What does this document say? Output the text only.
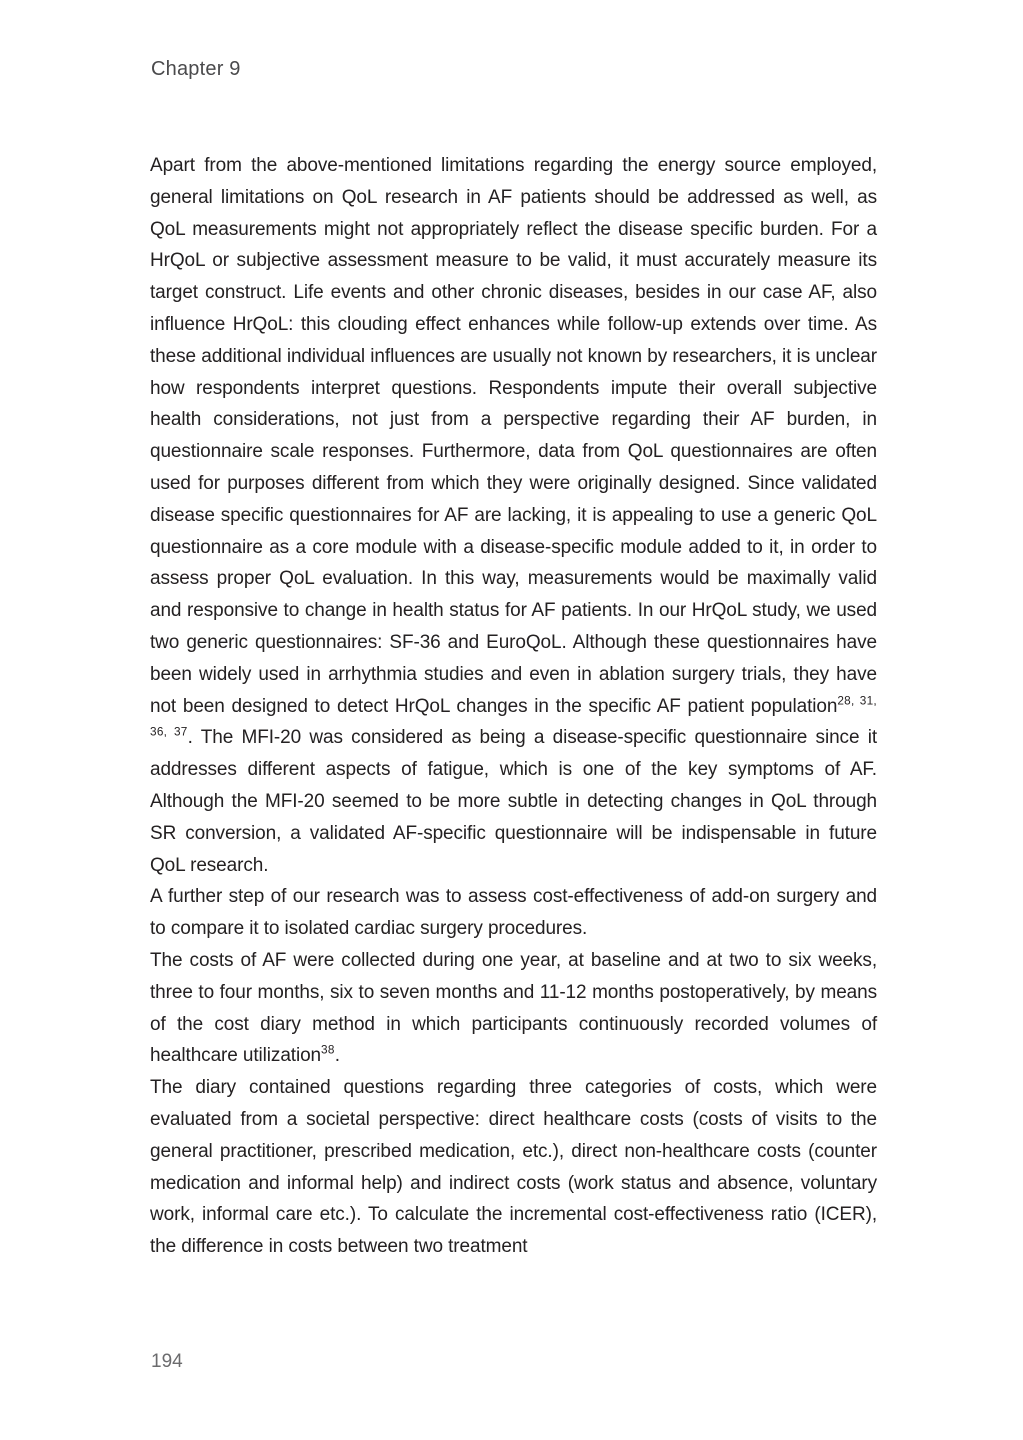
Chapter 9

Apart from the above-mentioned limitations regarding the energy source employed, general limitations on QoL research in AF patients should be addressed as well, as QoL measurements might not appropriately reflect the disease specific burden. For a HrQoL or subjective assessment measure to be valid, it must accurately measure its target construct. Life events and other chronic diseases, besides in our case AF, also influence HrQoL: this clouding effect enhances while follow-up extends over time. As these additional individual influences are usually not known by researchers, it is unclear how respondents interpret questions. Respondents impute their overall subjective health considerations, not just from a perspective regarding their AF burden, in questionnaire scale responses. Furthermore, data from QoL questionnaires are often used for purposes different from which they were originally designed. Since validated disease specific questionnaires for AF are lacking, it is appealing to use a generic QoL questionnaire as a core module with a disease-specific module added to it, in order to assess proper QoL evaluation. In this way, measurements would be maximally valid and responsive to change in health status for AF patients. In our HrQoL study, we used two generic questionnaires: SF-36 and EuroQoL. Although these questionnaires have been widely used in arrhythmia studies and even in ablation surgery trials, they have not been designed to detect HrQoL changes in the specific AF patient population$^{28, 31, 36, 37}$. The MFI-20 was considered as being a disease-specific questionnaire since it addresses different aspects of fatigue, which is one of the key symptoms of AF. Although the MFI-20 seemed to be more subtle in detecting changes in QoL through SR conversion, a validated AF-specific questionnaire will be indispensable in future QoL research.

A further step of our research was to assess cost-effectiveness of add-on surgery and to compare it to isolated cardiac surgery procedures.

The costs of AF were collected during one year, at baseline and at two to six weeks, three to four months, six to seven months and 11-12 months postoperatively, by means of the cost diary method in which participants continuously recorded volumes of healthcare utilization$^{38}$.

The diary contained questions regarding three categories of costs, which were evaluated from a societal perspective: direct healthcare costs (costs of visits to the general practitioner, prescribed medication, etc.), direct non-healthcare costs (counter medication and informal help) and indirect costs (work status and absence, voluntary work, informal care etc.). To calculate the incremental cost-effectiveness ratio (ICER), the difference in costs between two treatment

194
